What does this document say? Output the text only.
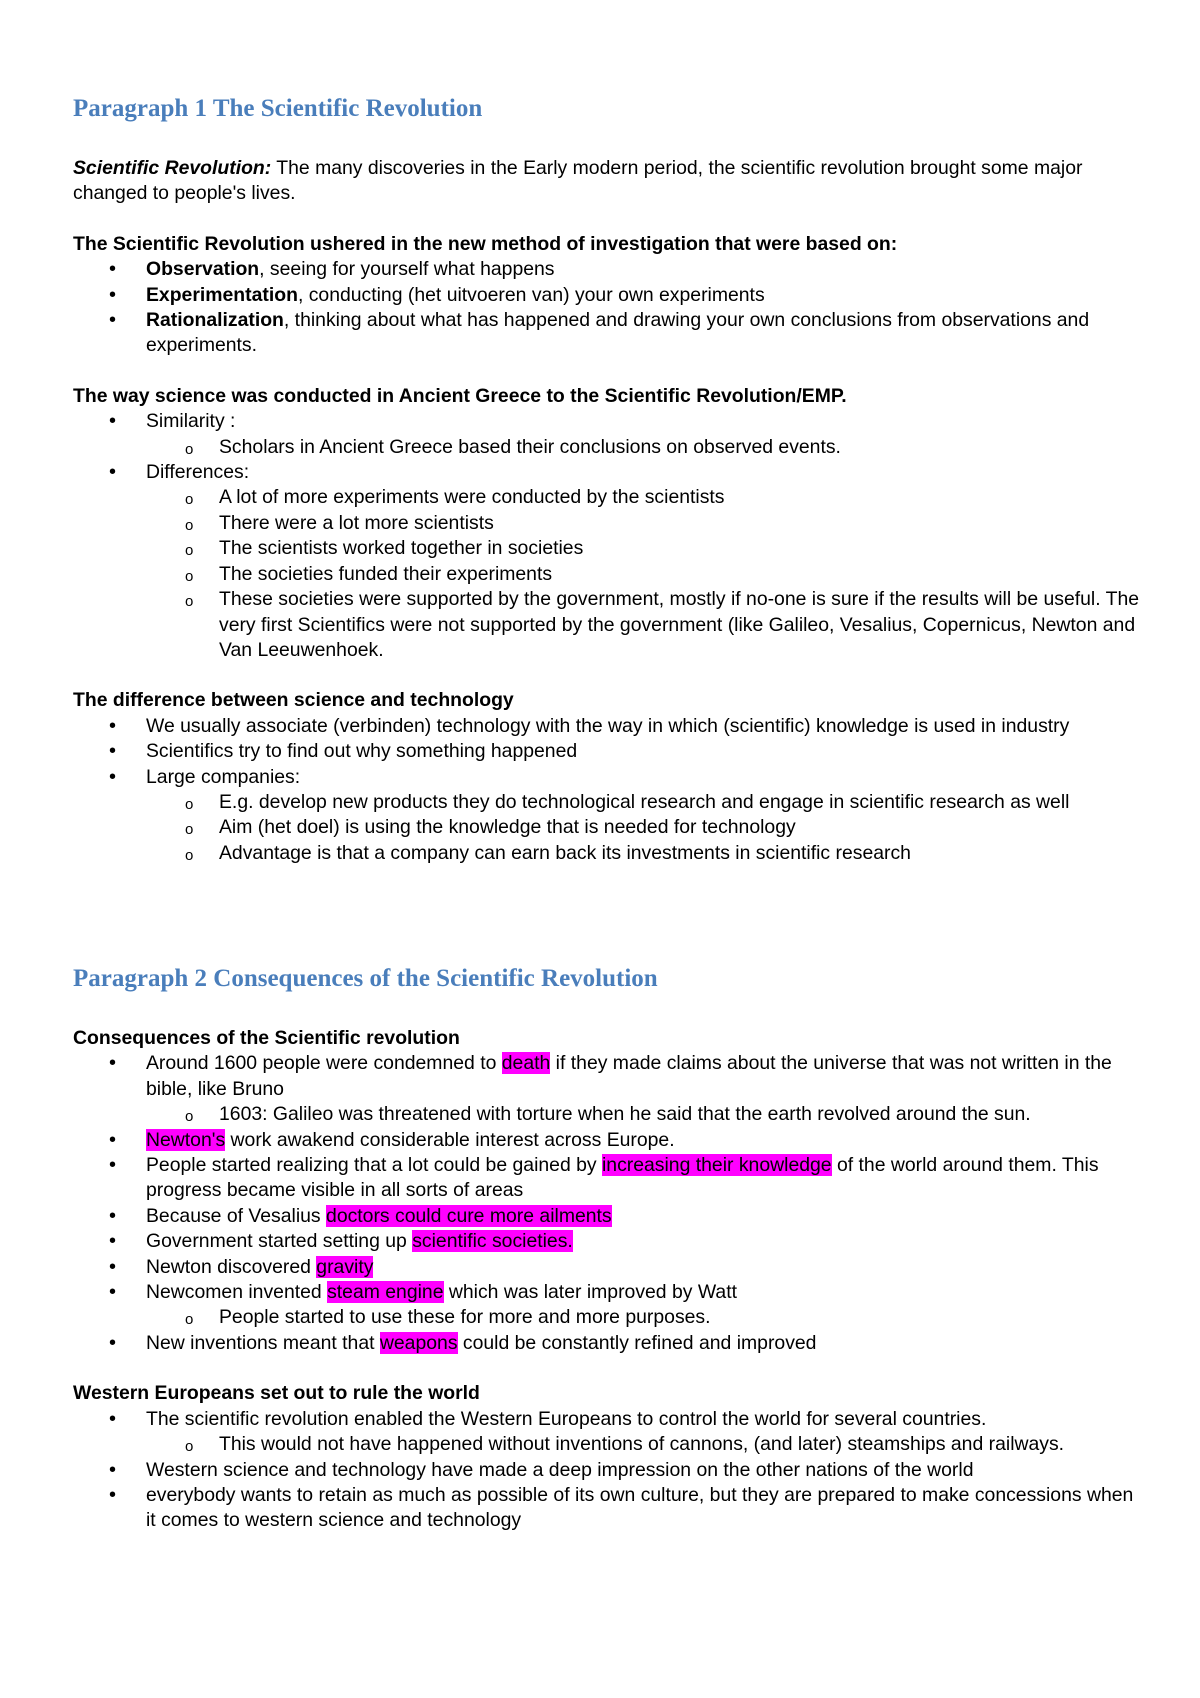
Paragraph 1 The Scientific Revolution

Scientific Revolution: The many discoveries in the Early modern period, the scientific revolution brought some major changed to people's lives.

The Scientific Revolution ushered in the new method of investigation that were based on:
• Observation, seeing for yourself what happens
• Experimentation, conducting (het uitvoeren van) your own experiments
• Rationalization, thinking about what has happened and drawing your own conclusions from observations and experiments.
The way science was conducted in Ancient Greece to the Scientific Revolution/EMP.
• Similarity :
o Scholars in Ancient Greece based their conclusions on observed events.
• Differences:
o A lot of more experiments were conducted by the scientists
o There were a lot more scientists
o The scientists worked together in societies
o The societies funded their experiments
o These societies were supported by the government, mostly if no-one is sure if the results will be useful. The very first Scientifics were not supported by the government (like Galileo, Vesalius, Copernicus, Newton and Van Leeuwenhoek.
The difference between science and technology
• We usually associate (verbinden) technology with the way in which (scientific) knowledge is used in industry
• Scientifics try to find out why something happened
• Large companies:
o E.g. develop new products they do technological research and engage in scientific research as well
o Aim (het doel) is using the knowledge that is needed for technology
o Advantage is that a company can earn back its investments in scientific research
Paragraph 2 Consequences of the Scientific Revolution
Consequences of the Scientific revolution
• Around 1600 people were condemned to death if they made claims about the universe that was not written in the bible, like Bruno
o 1603: Galileo was threatened with torture when he said that the earth revolved around the sun.
• Newton's work awakend considerable interest across Europe.
• People started realizing that a lot could be gained by increasing their knowledge of the world around them. This progress became visible in all sorts of areas
• Because of Vesalius doctors could cure more ailments
• Government started setting up scientific societies.
• Newton discovered gravity
• Newcomen invented steam engine which was later improved by Watt
o People started to use these for more and more purposes.
• New inventions meant that weapons could be constantly refined and improved
Western Europeans set out to rule the world
• The scientific revolution enabled the Western Europeans to control the world for several countries.
o This would not have happened without inventions of cannons, (and later) steamships and railways.
• Western science and technology have made a deep impression on the other nations of the world
• everybody wants to retain as much as possible of its own culture, but they are prepared to make concessions when it comes to western science and technology
